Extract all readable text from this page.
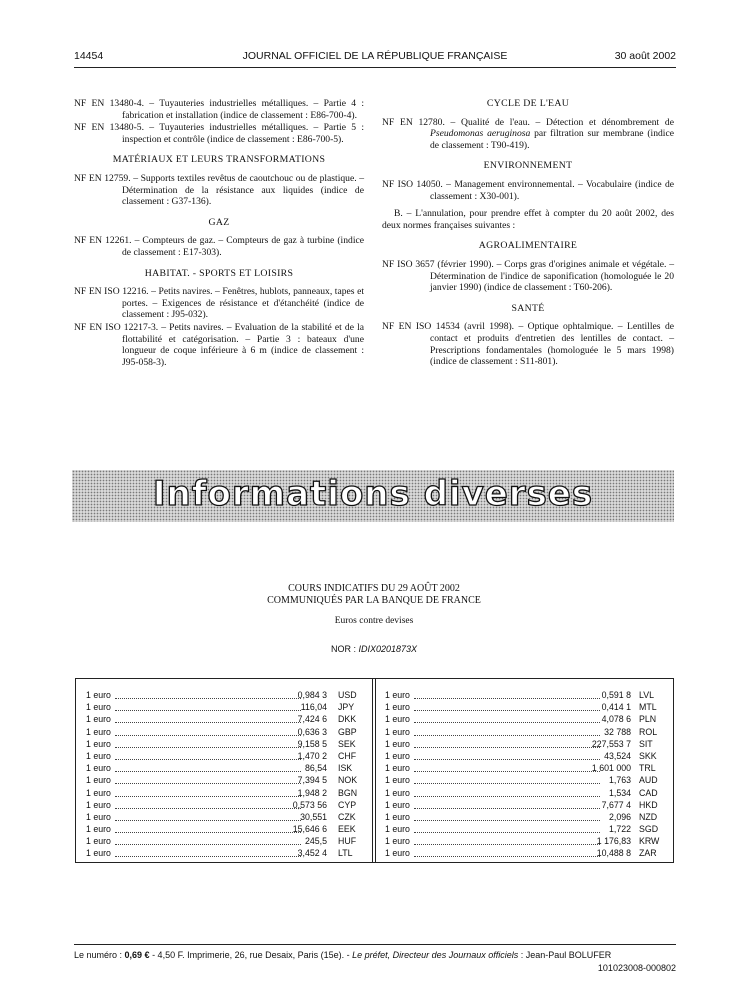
14454	JOURNAL OFFICIEL DE LA RÉPUBLIQUE FRANÇAISE	30 août 2002

NF EN 13480-4. – Tuyauteries industrielles métalliques. – Partie 4 : fabrication et installation (indice de classement : E86-700-4).

NF EN 13480-5. – Tuyauteries industrielles métalliques. – Partie 5 : inspection et contrôle (indice de classement : E86-700-5).

MATÉRIAUX ET LEURS TRANSFORMATIONS

NF EN 12759. – Supports textiles revêtus de caoutchouc ou de plastique. – Détermination de la résistance aux liquides (indice de classement : G37-136).

GAZ

NF EN 12261. – Compteurs de gaz. – Compteurs de gaz à turbine (indice de classement : E17-303).

HABITAT. - SPORTS ET LOISIRS

NF EN ISO 12216. – Petits navires. – Fenêtres, hublots, panneaux, tapes et portes. – Exigences de résistance et d'étanchéité (indice de classement : J95-032).

NF EN ISO 12217-3. – Petits navires. – Evaluation de la stabilité et de la flottabilité et catégorisation. – Partie 3 : bateaux d'une longueur de coque inférieure à 6 m (indice de classement : J95-058-3).

CYCLE DE L'EAU

NF EN 12780. – Qualité de l'eau. – Détection et dénombrement de Pseudomonas aeruginosa par filtration sur membrane (indice de classement : T90-419).

ENVIRONNEMENT

NF ISO 14050. – Management environnemental. – Vocabulaire (indice de classement : X30-001).

B. – L'annulation, pour prendre effet à compter du 20 août 2002, des deux normes françaises suivantes :

AGROALIMENTAIRE

NF ISO 3657 (février 1990). – Corps gras d'origines animale et végétale. – Détermination de l'indice de saponification (homologuée le 20 janvier 1990) (indice de classement : T60-206).

SANTÉ

NF EN ISO 14534 (avril 1998). – Optique ophtalmique. – Lentilles de contact et produits d'entretien des lentilles de contact. – Prescriptions fondamentales (homologuée le 5 mars 1998) (indice de classement : S11-801).

Informations diverses
COURS INDICATIFS DU 29 AOÛT 2002
COMMUNIQUÉS PAR LA BANQUE DE FRANCE
Euros contre devises
NOR : IDIX0201873X
1 euro	0,984 3 USD
1 euro	116,04 JPY
1 euro	7,424 6 DKK
1 euro	0,636 3 GBP
1 euro	9,158 5 SEK
1 euro	1,470 2 CHF
1 euro	86,54 ISK
1 euro	7,394 5 NOK
1 euro	1,948 2 BGN
1 euro	0,573 56 CYP
1 euro	30,551 CZK
1 euro	15,646 6 EEK
1 euro	245,5 HUF
1 euro	3,452 4 LTL
1 euro	0,591 8 LVL
1 euro	0,414 1 MTL
1 euro	4,078 6 PLN
1 euro	32 788 ROL
1 euro	227,553 7 SIT
1 euro	43,524 SKK
1 euro	1 601 000 TRL
1 euro	1,763 AUD
1 euro	1,534 CAD
1 euro	7,677 4 HKD
1 euro	2,096 NZD
1 euro	1,722 SGD
1 euro	1 176,83 KRW
1 euro	10,488 8 ZAR
Le numéro : 0,69 € - 4,50 F. Imprimerie, 26, rue Desaix, Paris (15e). - Le préfet, Directeur des Journaux officiels : Jean-Paul BOLUFER
101023008-000802
